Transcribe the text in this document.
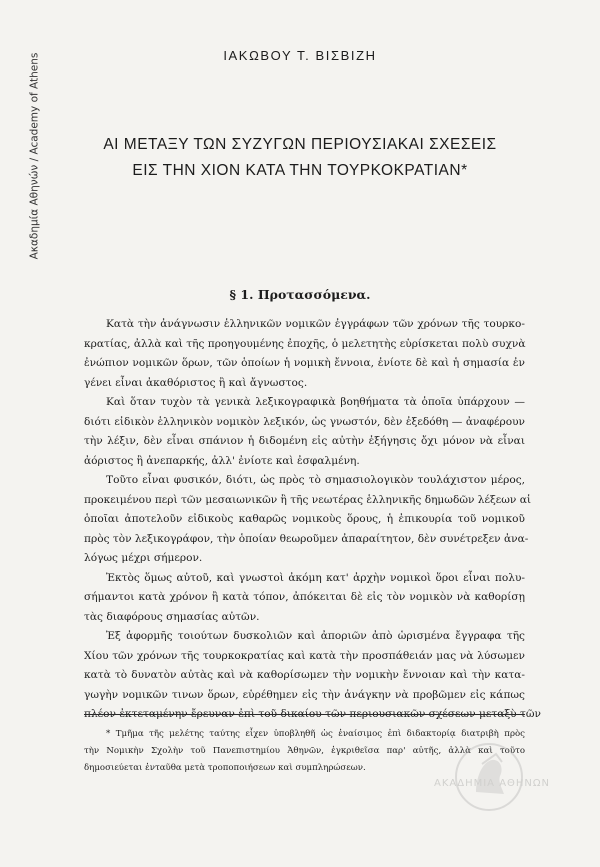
Ακαδημία Αθηνών / Academy of Athens	ΙΑΚΩΒΟΥ Τ. ΒΙΣΒΙΖΗ
ΑΙ ΜΕΤΑΞΥ ΤΩΝ ΣΥΖΥΓΩΝ ΠΕΡΙΟΥΣΙΑΚΑΙ ΣΧΕΣΕΙΣ
ΕΙΣ ΤΗΝ ΧΙΟΝ ΚΑΤΑ ΤΗΝ ΤΟΥΡΚΟΚΡΑΤΙΑΝ*
§ 1. Προτασσόμενα.
Κατὰ τὴν ἀνάγνωσιν ἑλληνικῶν νομικῶν ἐγγράφων τῶν χρόνων τῆς τουρκο-
κρατίας, ἀλλὰ καὶ τῆς προηγουμένης ἐποχῆς, ὁ μελετητὴς εὑρίσκεται πολὺ συχνὰ
ἐνώπιον νομικῶν ὅρων, τῶν ὁποίων ἡ νομικὴ ἔννοια, ἐνίοτε δὲ καὶ ἡ σημασία ἐν
γένει εἶναι ἀκαθόριστος ἢ καὶ ἄγνωστος.
Καὶ ὅταν τυχὸν τὰ γενικὰ λεξικογραφικὰ βοηθήματα τὰ ὁποῖα ὑπάρχουν —
διότι εἰδικὸν ἑλληνικὸν νομικὸν λεξικόν, ὡς γνωστόν, δὲν ἐξεδόθη — ἀναφέρουν
τὴν λέξιν, δὲν εἶναι σπάνιον ἡ διδομένη εἰς αὐτὴν ἐξήγησις ὄχι μόνον νὰ εἶναι
ἀόριστος ἢ ἀνεπαρκής, ἀλλ' ἐνίοτε καὶ ἐσφαλμένη.
Τοῦτο εἶναι φυσικόν, διότι, ὡς πρὸς τὸ σημασιολογικὸν τουλάχιστον μέρος,
προκειμένου περὶ τῶν μεσαιωνικῶν ἢ τῆς νεωτέρας ἑλληνικῆς δημωδῶν λέξεων αἱ
ὁποῖαι ἀποτελοῦν εἰδικοὺς καθαρῶς νομικοὺς ὅρους, ἡ ἐπικουρία τοῦ νομικοῦ
πρὸς τὸν λεξικογράφον, τὴν ὁποίαν θεωροῦμεν ἀπαραίτητον, δὲν συνέτρεξεν ἀνα-
λόγως μέχρι σήμερον.
Ἐκτὸς ὅμως αὐτοῦ, καὶ γνωστοὶ ἀκόμη κατ' ἀρχὴν νομικοὶ ὅροι εἶναι πολυ-
σήμαντοι κατὰ χρόνον ἢ κατὰ τόπον, ἀπόκειται δὲ εἰς τὸν νομικὸν νὰ καθορίσῃ
τὰς διαφόρους σημασίας αὐτῶν.
Ἐξ ἀφορμῆς τοιούτων δυσκολιῶν καὶ ἀποριῶν ἀπὸ ὡρισμένα ἔγγραφα τῆς
Χίου τῶν χρόνων τῆς τουρκοκρατίας καὶ κατὰ τὴν προσπάθειάν μας νὰ λύσωμεν
κατὰ τὸ δυνατὸν αὐτὰς καὶ νὰ καθορίσωμεν τὴν νομικὴν ἔννοιαν καὶ τὴν κατα-
γωγὴν νομικῶν τινων ὅρων, εὑρέθημεν εἰς τὴν ἀνάγκην νὰ προβῶμεν εἰς κάπως
πλέον ἐκτεταμένην ἔρευναν ἐπὶ τοῦ δικαίου τῶν περιουσιακῶν σχέσεων μεταξὺ τῶν
* Τμῆμα τῆς μελέτης ταύτης εἶχεν ὑποβληθῆ ὡς ἐναίσιμος ἐπὶ διδακτορίᾳ διατριβὴ πρὸς
τὴν Νομικὴν Σχολὴν τοῦ Πανεπιστημίου Ἀθηνῶν, ἐγκριθεῖσα παρ' αὐτῆς, ἀλλὰ καὶ τοῦτο
δημοσιεύεται ἐνταῦθα μετὰ τροποποιήσεων καὶ συμπληρώσεων.
ΑΚΑΔΗΜΙΑ ΑΘΗΝΩΝ
